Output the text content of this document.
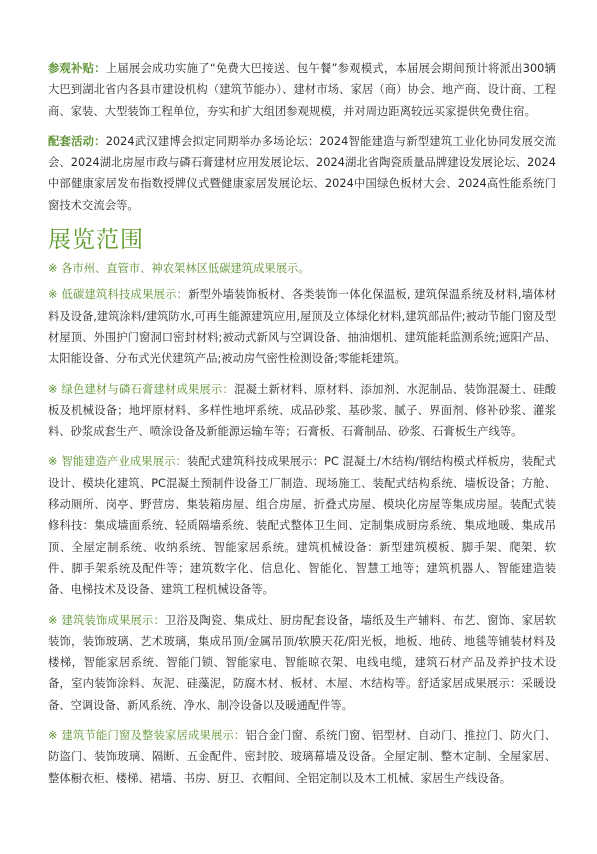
参观补贴：上届展会成功实施了“免费大巴接送、包午餐”参观模式，本届展会期间预计将派出300辆大巴到湖北省内各县市建设机构（建筑节能办）、建材市场、家居（商）协会、地产商、设计商、工程商、家装、大型装饰工程单位，夯实和扩大组团参观规模，并对周边距离较远买家提供免费住宿。

配套活动：2024武汉建博会拟定同期举办多场论坛：2024智能建造与新型建筑工业化协同发展交流会、2024湖北房屋市政与磷石膏建材应用发展论坛、2024湖北省陶瓷质量品牌建设发展论坛、2024中部健康家居发布指数授牌仪式暨健康家居发展论坛、2024中国绿色板材大会、2024高性能系统门窗技术交流会等。

展览范围

※ 各市州、直管市、神农架林区低碳建筑成果展示。

※ 低碳建筑科技成果展示：新型外墙装饰板材、各类装饰一体化保温板, 建筑保温系统及材料,墙体材料及设备,建筑涂料/建筑防水,可再生能源建筑应用,屋顶及立体绿化材料,建筑部品件;被动节能门窗及型材屋顶、外围护门窗洞口密封材料;被动式新风与空调设备、抽油烟机、建筑能耗监测系统;遮阳产品、太阳能设备、分布式光伏建筑产品;被动房气密性检测设备;零能耗建筑。

※ 绿色建材与磷石膏建材成果展示：混凝土新材料、原材料、添加剂、水泥制品、装饰混凝土、硅酸板及机械设备；地坪原材料、多样性地坪系统、成品砂浆、基砂浆、腻子、界面剂、修补砂浆、灌浆料、砂浆成套生产、喷涂设备及新能源运输车等；石膏板、石膏制品、砂浆、石膏板生产线等。

※ 智能建造产业成果展示：装配式建筑科技成果展示：PC 混凝土/木结构/钢结构模式样板房，装配式设计、模块化建筑、PC混凝土预制件设备工厂制造、现场施工、装配式结构系统、墙板设备；方舱、移动厕所、岗亭、野营房、集装箱房屋、组合房屋、折叠式房屋、模块化房屋等集成房屋。装配式装修科技：集成墙面系统、轻质隔墙系统、装配式整体卫生间、定制集成厨房系统、集成地暖、集成吊顶、全屋定制系统、收纳系统、智能家居系统。建筑机械设备：新型建筑模板、脚手架、爬架、软件、脚手架系统及配件等；建筑数字化、信息化、智能化、智慧工地等；建筑机器人、智能建造装备、电梯技术及设备、建筑工程机械设备等。

※ 建筑装饰成果展示：卫浴及陶瓷、集成灶、厨房配套设备，墙纸及生产辅料、布艺、窗饰、家居软装饰，装饰玻璃、艺术玻璃，集成吊顶/金属吊顶/软膜天花/阳光板，地板、地砖、地毯等铺装材料及楼梯，智能家居系统、智能门锁、智能家电、智能晾衣架、电线电缆，建筑石材产品及养护技术设备，室内装饰涂料、灰泥、硅藻泥，防腐木材、板材、木屋、木结构等。舒适家居成果展示：采暖设备、空调设备、新风系统、净水、制冷设备以及暖通配件等。

※ 建筑节能门窗及整装家居成果展示：铝合金门窗、系统门窗、铝型材、自动门、推拉门、防火门、防盗门、装饰玻璃、隔断、五金配件、密封胶、玻璃幕墙及设备。全屋定制、整木定制、全屋家居、整体橱衣柜、楼梯、裙墙、书房、厨卫、衣帽间、全铝定制以及木工机械、家居生产线设备。
